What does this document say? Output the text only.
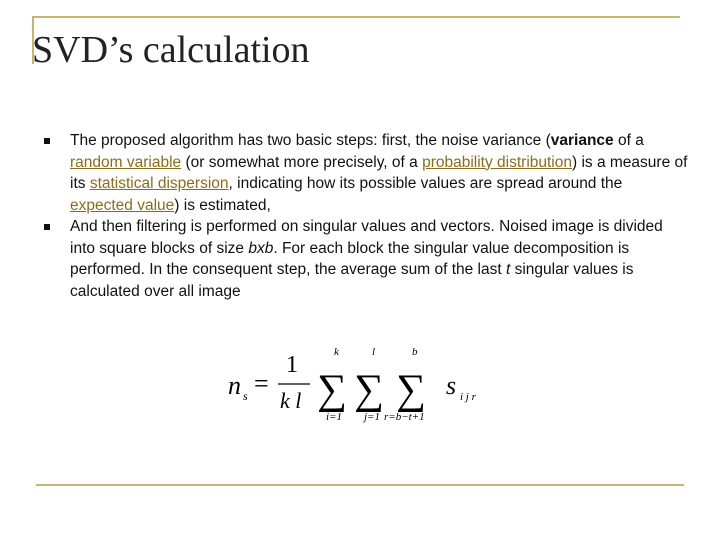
SVD’s calculation
The proposed algorithm has two basic steps: first, the noise variance (variance of a random variable (or somewhat more precisely, of a probability distribution) is a measure of its statistical dispersion, indicating how its possible values are spread around the expected value) is estimated,
And then filtering is performed on singular values and vectors. Noised image is divided into square blocks of size bxb. For each block the singular value decomposition is performed. In the consequent step, the average sum of the last t singular values is calculated over all image
n s =
1
k l
k
∑
i=1
l
∑
j=1
b
∑
r=b−t+1
s i j r
